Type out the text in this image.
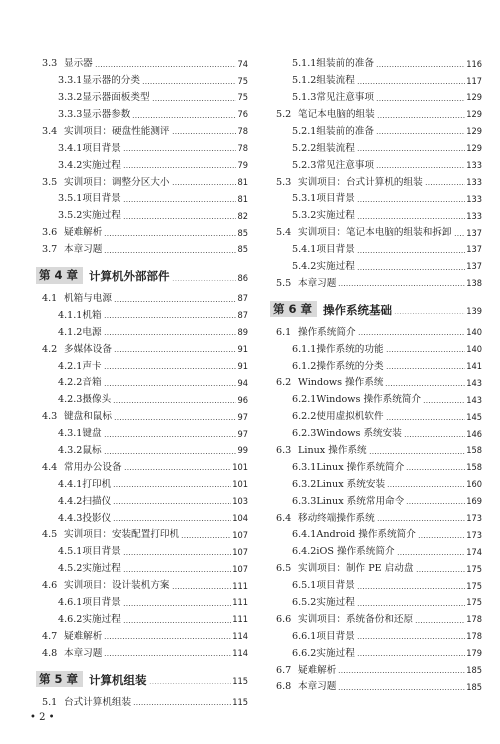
3.3 显示器	74
3.3.1 显示器的分类	75
3.3.2 显示器面板类型	75
3.3.3 显示器参数	76
3.4 实训项目：硬盘性能测评	78
3.4.1 项目背景	78
3.4.2 实施过程	79
3.5 实训项目：调整分区大小	81
3.5.1 项目背景	81
3.5.2 实施过程	82
3.6 疑难解析	85
3.7 本章习题	85
第 4 章 计算机外部部件	86
4.1 机箱与电源	87
4.1.1 机箱	87
4.1.2 电源	89
4.2 多媒体设备	91
4.2.1 声卡	91
4.2.2 音箱	94
4.2.3 摄像头	96
4.3 键盘和鼠标	97
4.3.1 键盘	97
4.3.2 鼠标	99
4.4 常用办公设备	101
4.4.1 打印机	101
4.4.2 扫描仪	103
4.4.3 投影仪	104
4.5 实训项目：安装配置打印机	107
4.5.1 项目背景	107
4.5.2 实施过程	107
4.6 实训项目：设计装机方案	111
4.6.1 项目背景	111
4.6.2 实施过程	111
4.7 疑难解析	114
4.8 本章习题	114
第 5 章 计算机组装	115
5.1 台式计算机组装	115
5.1.1 组装前的准备	116
5.1.2 组装流程	117
5.1.3 常见注意事项	129
5.2 笔记本电脑的组装	129
5.2.1 组装前的准备	129
5.2.2 组装流程	129
5.2.3 常见注意事项	133
5.3 实训项目：台式计算机的组装	133
5.3.1 项目背景	133
5.3.2 实施过程	133
5.4 实训项目：笔记本电脑的组装和拆卸 137
5.4.1 项目背景	137
5.4.2 实施过程	137
5.5 本章习题	138
第 6 章 操作系统基础	139
6.1 操作系统简介	140
6.1.1 操作系统的功能	140
6.1.2 操作系统的分类	141
6.2 Windows 操作系统	143
6.2.1 Windows 操作系统简介	143
6.2.2 使用虚拟机软件	145
6.2.3 Windows 系统安装	146
6.3 Linux 操作系统	158
6.3.1 Linux 操作系统简介	158
6.3.2 Linux 系统安装	160
6.3.3 Linux 系统常用命令	169
6.4 移动终端操作系统	173
6.4.1 Android 操作系统简介	173
6.4.2 iOS 操作系统简介	174
6.5 实训项目：制作 PE 启动盘	175
6.5.1 项目背景	175
6.5.2 实施过程	175
6.6 实训项目：系统备份和还原	178
6.6.1 项目背景	178
6.6.2 实施过程	179
6.7 疑难解析	185
6.8 本章习题	185
• 2 •
